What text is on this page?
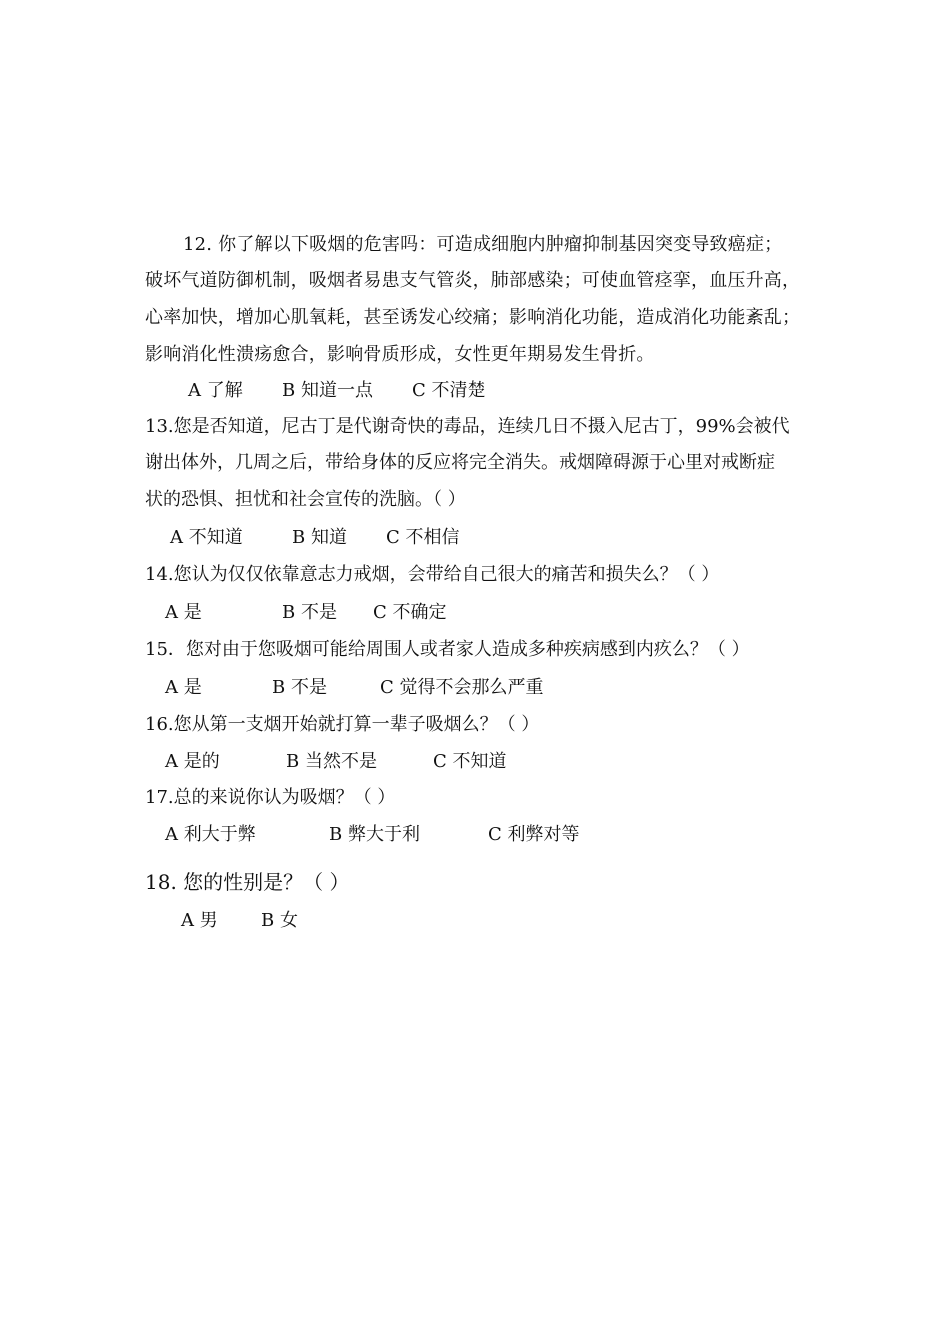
12. 你了解以下吸烟的危害吗：可造成细胞内肿瘤抑制基因突变导致癌症；
破坏气道防御机制，吸烟者易患支气管炎，肺部感染；可使血管痉挛，血压升高，
心率加快，增加心肌氧耗，甚至诱发心绞痛；影响消化功能，造成消化功能紊乱；
影响消化性溃疡愈合，影响骨质形成，女性更年期易发生骨折。
A 了解 B 知道一点 C 不清楚
13.您是否知道，尼古丁是代谢奇快的毒品，连续几日不摄入尼古丁，99%会被代
谢出体外，几周之后，带给身体的反应将完全消失。戒烟障碍源于心里对戒断症
状的恐惧、担忧和社会宣传的洗脑。（ ）
A 不知道	B 知道 C 不相信
14.您认为仅仅依靠意志力戒烟，会带给自己很大的痛苦和损失么？（ ）
A 是	B 不是 C 不确定
15．您对由于您吸烟可能给周围人或者家人造成多种疾病感到内疚么？（ ）
A 是	B 不是	C 觉得不会那么严重
16.您从第一支烟开始就打算一辈子吸烟么？（ ）
A 是的	B 当然不是	C 不知道
17.总的来说你认为吸烟？（ ）
A 利大于弊	B 弊大于利	C 利弊对等
18. 您的性别是？（ ）
A 男 B 女
